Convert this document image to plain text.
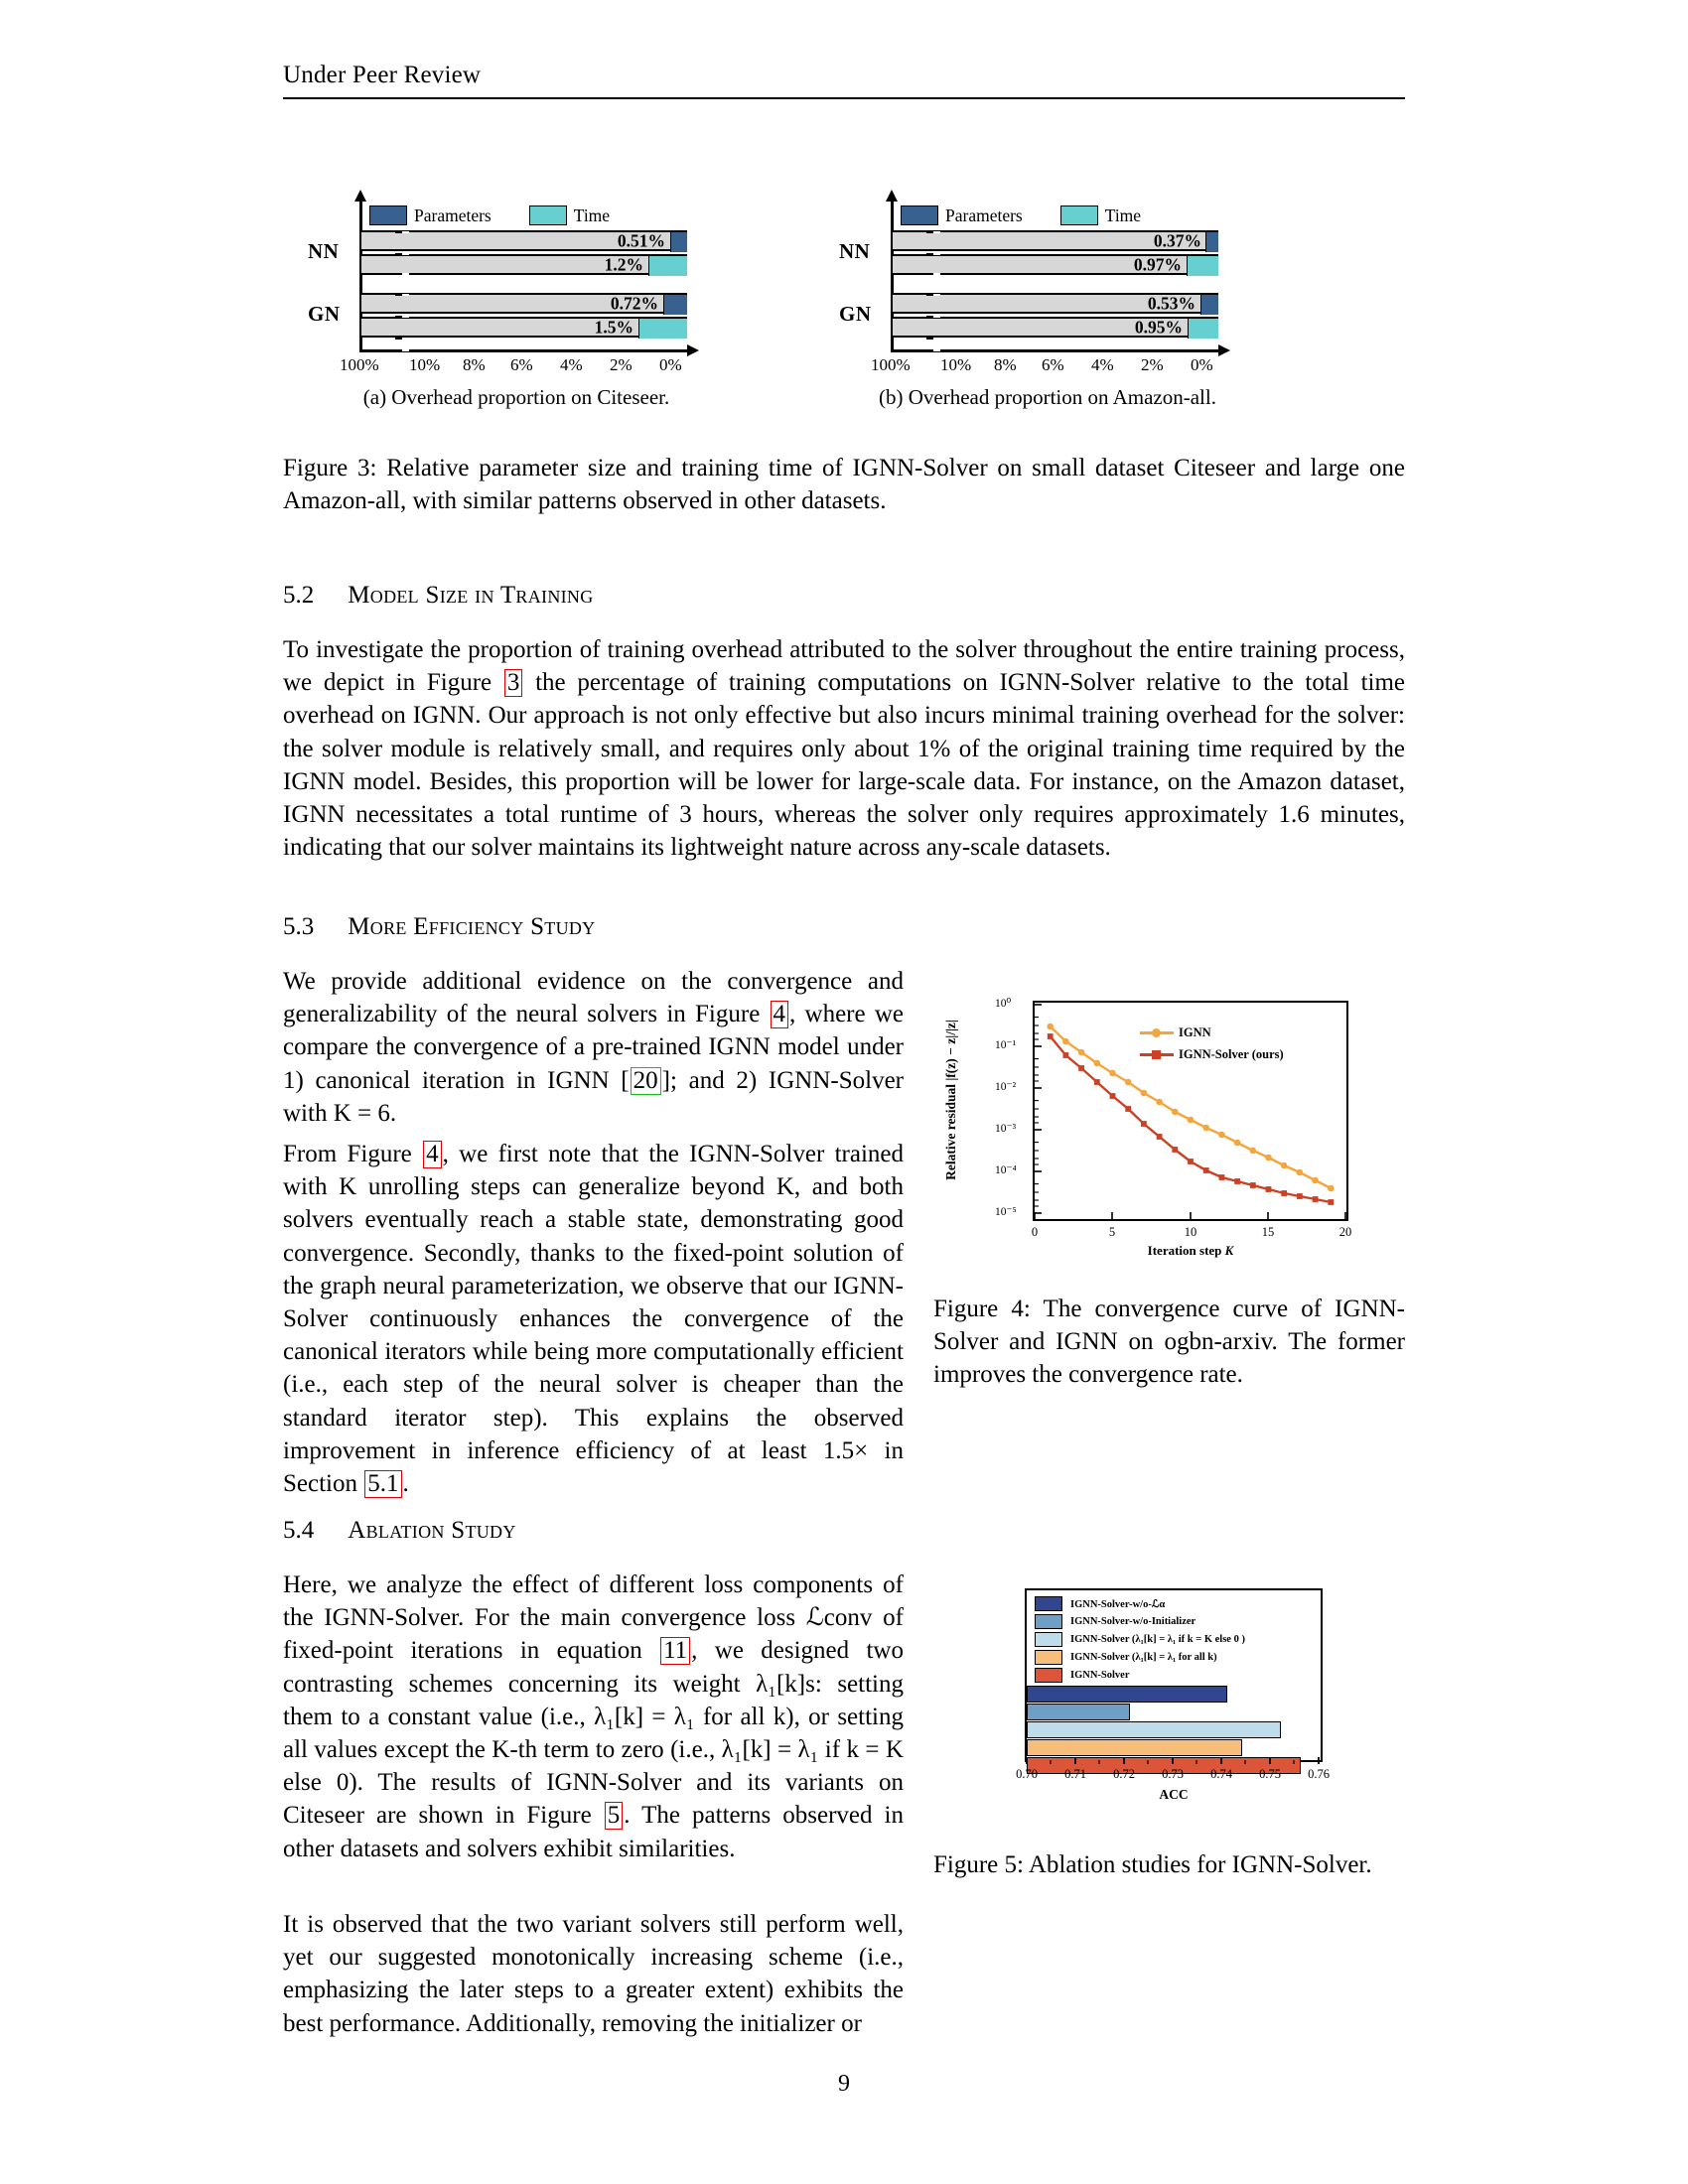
Under Peer Review
Parameters	Time
NN
GN
0.51%
1.2%
0.72%
1.5%
100% 10% 8% 6% 4% 2% 0%
(a) Overhead proportion on Citeseer.
Parameters	Time
NN
GN
0.37%
0.97%
0.53%
0.95%
100% 10% 8% 6% 4% 2% 0%
(b) Overhead proportion on Amazon-all.
Figure 3: Relative parameter size and training time of IGNN-Solver on small dataset Citeseer and large one Amazon-all, with similar patterns observed in other datasets.
5.2 Model Size in Training
To investigate the proportion of training overhead attributed to the solver throughout the entire training process, we depict in Figure 3 the percentage of training computations on IGNN-Solver relative to the total time overhead on IGNN. Our approach is not only effective but also incurs minimal training overhead for the solver: the solver module is relatively small, and requires only about 1% of the original training time required by the IGNN model. Besides, this proportion will be lower for large-scale data. For instance, on the Amazon dataset, IGNN necessitates a total runtime of 3 hours, whereas the solver only requires approximately 1.6 minutes, indicating that our solver maintains its lightweight nature across any-scale datasets.
5.3 More Efficiency Study
We provide additional evidence on the convergence and generalizability of the neural solvers in Figure 4 , where we compare the convergence of a pre-trained IGNN model under 1) canonical iteration in IGNN [ 20 ]; and 2) IGNN-Solver with K = 6.
From Figure 4 , we first note that the IGNN-Solver trained with K unrolling steps can generalize beyond K, and both solvers eventually reach a stable state, demonstrating good convergence. Secondly, thanks to the fixed-point solution of the graph neural parameterization, we observe that our IGNN-Solver continuously enhances the convergence of the canonical iterators while being more computationally efficient (i.e., each step of the neural solver is cheaper than the standard iterator step). This explains the observed improvement in inference efficiency of at least 1.5× in Section 5.1 .
Relative residual |f(z) − z|/|z|
10⁰
10⁻¹
10⁻²
10⁻³
10⁻⁴
10⁻⁵
IGNN
IGNN-Solver (ours)
0	5	10	15	20
Iteration step K
Figure 4: The convergence curve of IGNN-Solver and IGNN on ogbn-arxiv. The former improves the convergence rate.
5.4 Ablation Study
Here, we analyze the effect of different loss components of the IGNN-Solver. For the main convergence loss ℒconv of fixed-point iterations in equation 11 , we designed two contrasting schemes concerning its weight λ₁[k]s: setting them to a constant value (i.e., λ₁[k] = λ₁ for all k), or setting all values except the K-th term to zero (i.e., λ₁[k] = λ₁ if k = K else 0). The results of IGNN-Solver and its variants on Citeseer are shown in Figure 5 . The patterns observed in other datasets and solvers exhibit similarities.
It is observed that the two variant solvers still perform well, yet our suggested monotonically increasing scheme (i.e., emphasizing the later steps to a greater extent) exhibits the best performance. Additionally, removing the initializer or
IGNN-Solver-w/o-ℒα
IGNN-Solver-w/o-Initializer
IGNN-Solver (λ₁[k] = λ₁ if k = K else 0 )
IGNN-Solver (λ₁[k] = λ₁ for all k)
IGNN-Solver
0.70 0.71 0.72 0.73 0.74 0.75 0.76
ACC
Figure 5: Ablation studies for IGNN-Solver.
9
